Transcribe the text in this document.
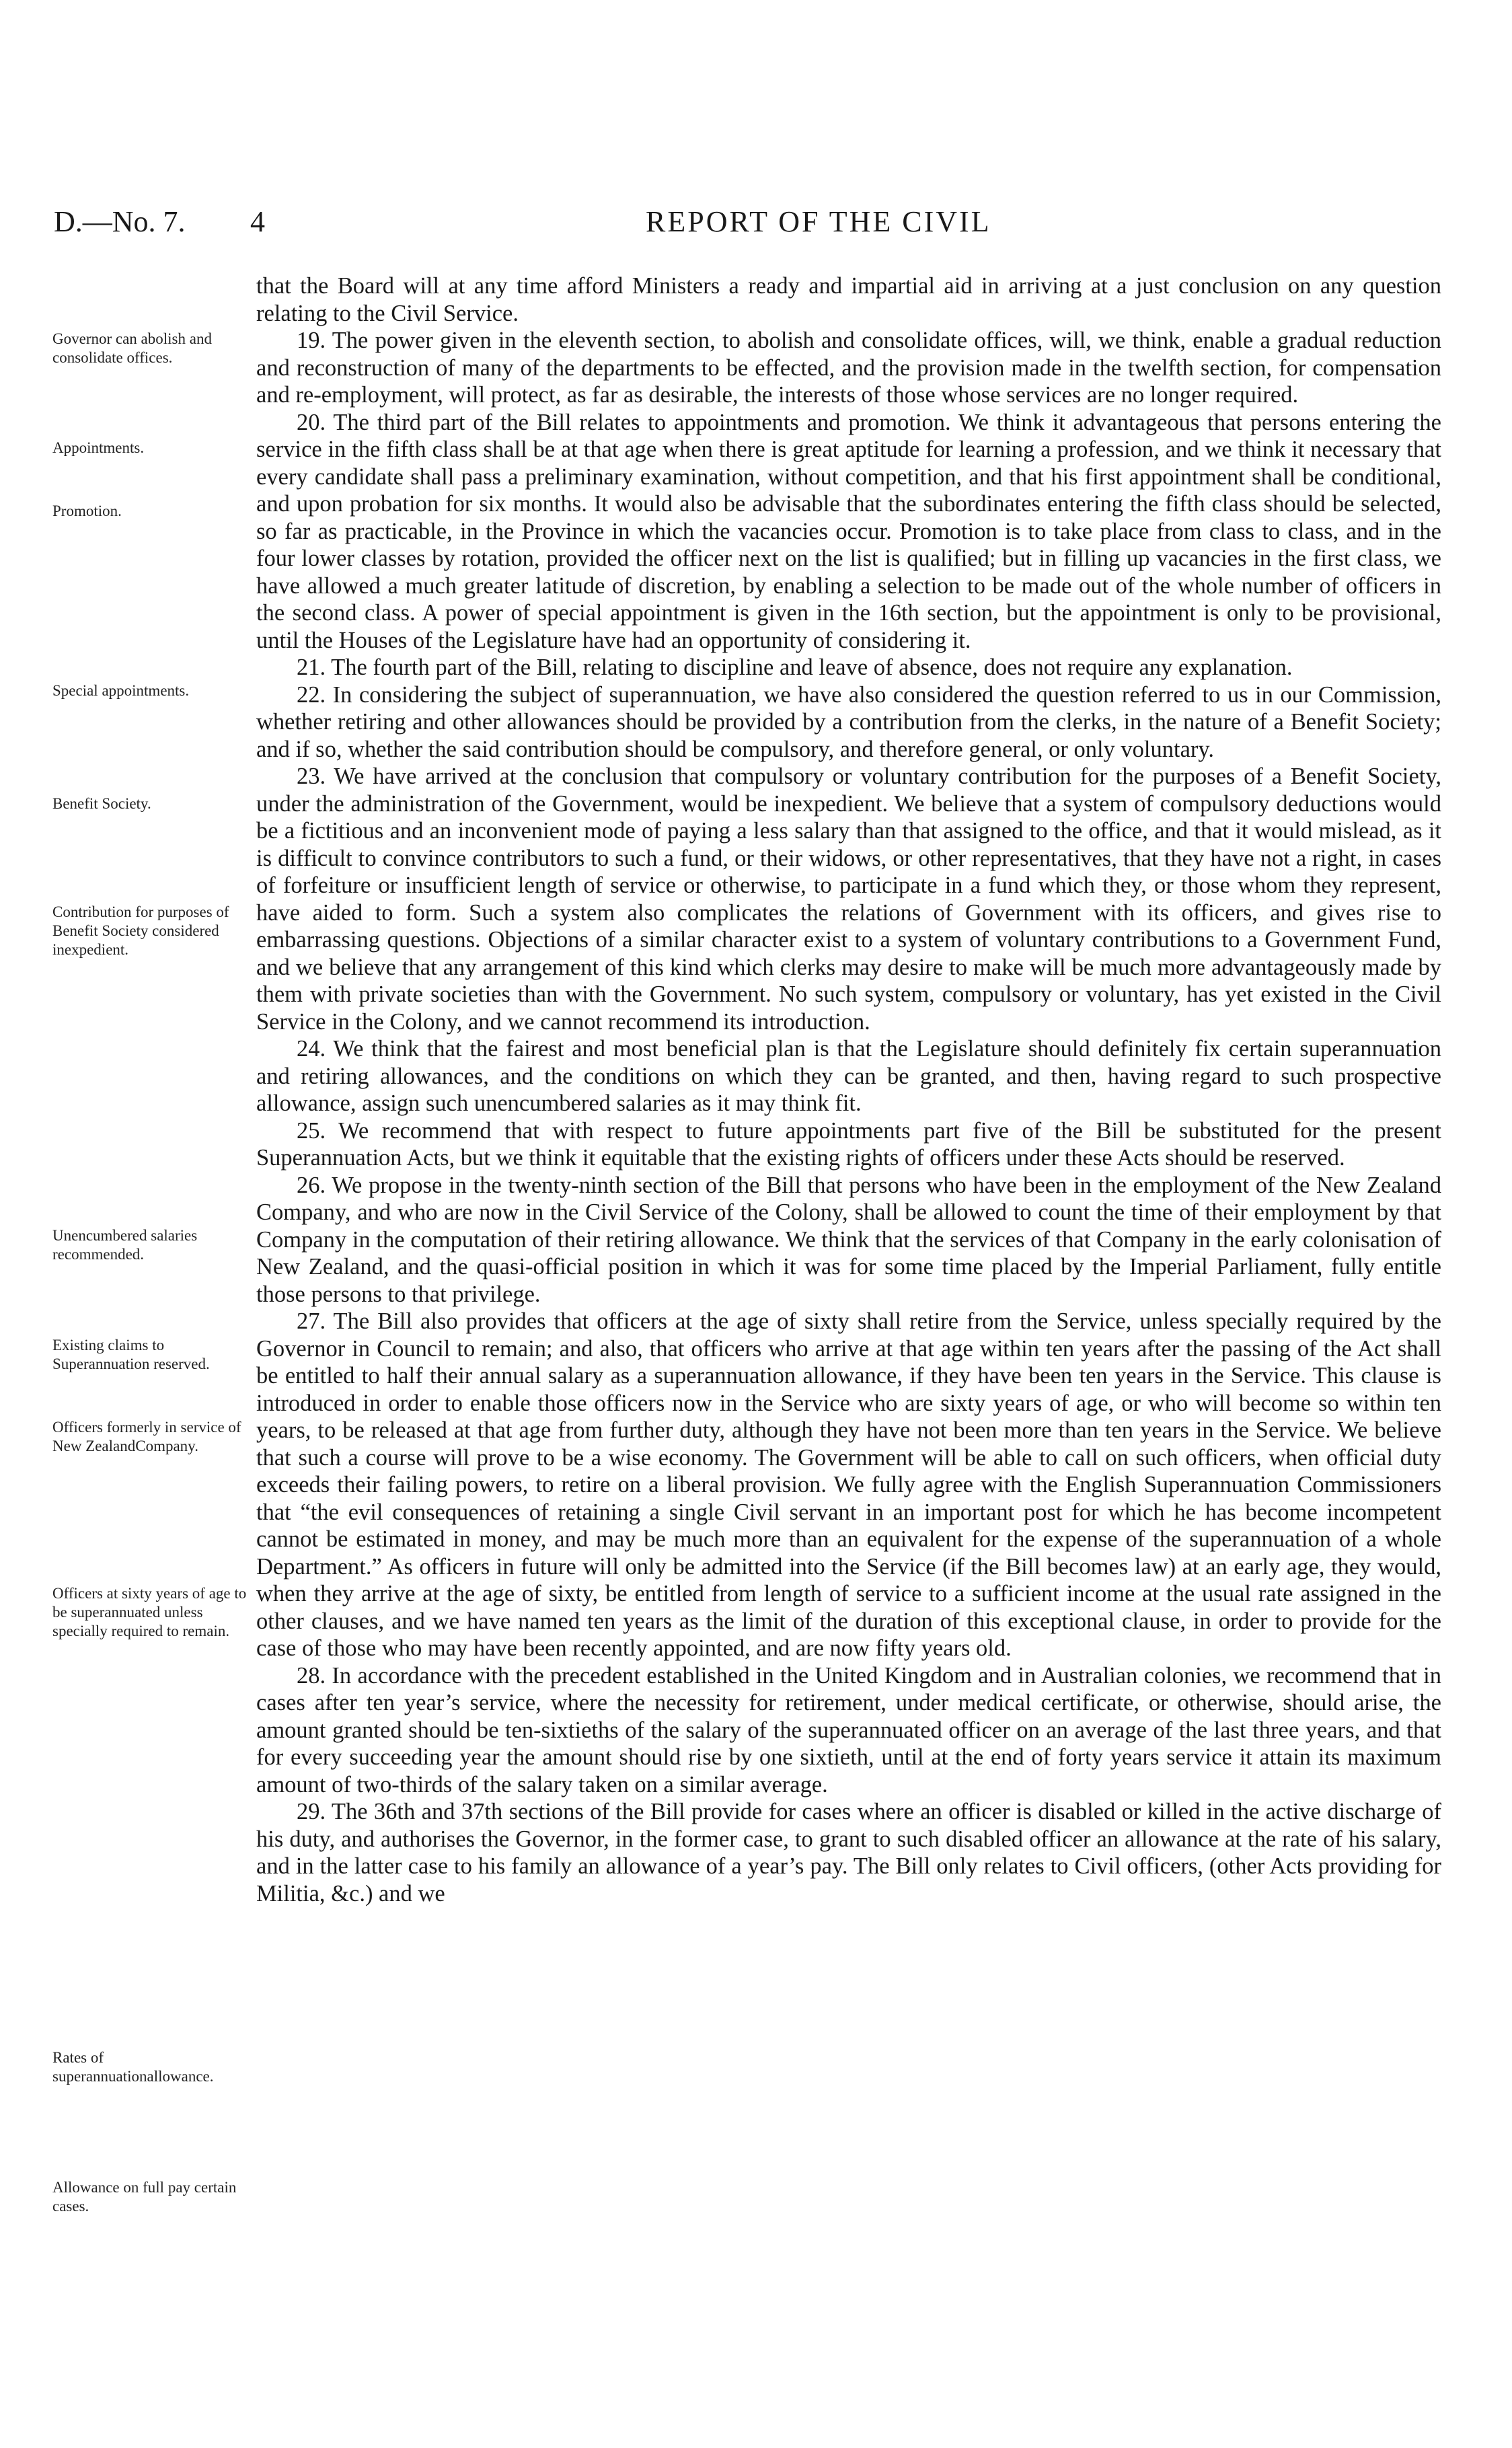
D.—No. 7. 4	REPORT OF THE CIVIL
Governor can abolish and consolidate offices.
Appointments.
Promotion.
Special appointments.
Benefit Society.
Contribution for purposes of Benefit Society considered inexpedient.
Unencumbered salaries recommended.
Existing claims to Superannuation reserved.
Officers formerly in service of New ZealandCompany.
Officers at sixty years of age to be superannuated unless specially required to remain.
Rates of superannuationallowance.
Allowance on full pay certain cases.

that the Board will at any time afford Ministers a ready and impartial aid in arriving at a just conclusion on any question relating to the Civil Service.

19. The power given in the eleventh section, to abolish and consolidate offices, will, we think, enable a gradual reduction and reconstruction of many of the departments to be effected, and the provision made in the twelfth section, for compensation and re-employment, will protect, as far as desirable, the interests of those whose services are no longer required.

20. The third part of the Bill relates to appointments and promotion. We think it advantageous that persons entering the service in the fifth class shall be at that age when there is great aptitude for learning a profession, and we think it necessary that every candidate shall pass a preliminary examination, without competition, and that his first appointment shall be conditional, and upon probation for six months. It would also be advisable that the subordinates entering the fifth class should be selected, so far as practicable, in the Province in which the vacancies occur. Promotion is to take place from class to class, and in the four lower classes by rotation, provided the officer next on the list is qualified; but in filling up vacancies in the first class, we have allowed a much greater latitude of discretion, by enabling a selection to be made out of the whole number of officers in the second class. A power of special appointment is given in the 16th section, but the appointment is only to be provisional, until the Houses of the Legislature have had an opportunity of considering it.

21. The fourth part of the Bill, relating to discipline and leave of absence, does not require any explanation.

22. In considering the subject of superannuation, we have also considered the question referred to us in our Commission, whether retiring and other allowances should be provided by a contribution from the clerks, in the nature of a Benefit Society; and if so, whether the said contribution should be compulsory, and therefore general, or only voluntary.

23. We have arrived at the conclusion that compulsory or voluntary contribution for the purposes of a Benefit Society, under the administration of the Government, would be inexpedient. We believe that a system of compulsory deductions would be a fictitious and an inconvenient mode of paying a less salary than that assigned to the office, and that it would mislead, as it is difficult to convince contributors to such a fund, or their widows, or other representatives, that they have not a right, in cases of forfeiture or insufficient length of service or otherwise, to participate in a fund which they, or those whom they represent, have aided to form. Such a system also complicates the relations of Government with its officers, and gives rise to embarrassing questions. Objections of a similar character exist to a system of voluntary contributions to a Government Fund, and we believe that any arrangement of this kind which clerks may desire to make will be much more advantageously made by them with private societies than with the Government. No such system, compulsory or voluntary, has yet existed in the Civil Service in the Colony, and we cannot recommend its introduction.

24. We think that the fairest and most beneficial plan is that the Legislature should definitely fix certain superannuation and retiring allowances, and the conditions on which they can be granted, and then, having regard to such prospective allowance, assign such unencumbered salaries as it may think fit.

25. We recommend that with respect to future appointments part five of the Bill be substituted for the present Superannuation Acts, but we think it equitable that the existing rights of officers under these Acts should be reserved.

26. We propose in the twenty-ninth section of the Bill that persons who have been in the employment of the New Zealand Company, and who are now in the Civil Service of the Colony, shall be allowed to count the time of their employment by that Company in the computation of their retiring allowance. We think that the services of that Company in the early colonisation of New Zealand, and the quasi-official position in which it was for some time placed by the Imperial Parliament, fully entitle those persons to that privilege.

27. The Bill also provides that officers at the age of sixty shall retire from the Service, unless specially required by the Governor in Council to remain; and also, that officers who arrive at that age within ten years after the passing of the Act shall be entitled to half their annual salary as a superannuation allowance, if they have been ten years in the Service. This clause is introduced in order to enable those officers now in the Service who are sixty years of age, or who will become so within ten years, to be released at that age from further duty, although they have not been more than ten years in the Service. We believe that such a course will prove to be a wise economy. The Government will be able to call on such officers, when official duty exceeds their failing powers, to retire on a liberal provision. We fully agree with the English Superannuation Commissioners that “the evil consequences of retaining a single Civil servant in an important post for which he has become incompetent cannot be estimated in money, and may be much more than an equivalent for the expense of the superannuation of a whole Department.” As officers in future will only be admitted into the Service (if the Bill becomes law) at an early age, they would, when they arrive at the age of sixty, be entitled from length of service to a sufficient income at the usual rate assigned in the other clauses, and we have named ten years as the limit of the duration of this exceptional clause, in order to provide for the case of those who may have been recently appointed, and are now fifty years old.

28. In accordance with the precedent established in the United Kingdom and in Australian colonies, we recommend that in cases after ten year’s service, where the necessity for retirement, under medical certificate, or otherwise, should arise, the amount granted should be ten-sixtieths of the salary of the superannuated officer on an average of the last three years, and that for every succeeding year the amount should rise by one sixtieth, until at the end of forty years service it attain its maximum amount of two-thirds of the salary taken on a similar average.

29. The 36th and 37th sections of the Bill provide for cases where an officer is disabled or killed in the active discharge of his duty, and authorises the Governor, in the former case, to grant to such disabled officer an allowance at the rate of his salary, and in the latter case to his family an allowance of a year’s pay. The Bill only relates to Civil officers, (other Acts providing for Militia, &c.) and we
